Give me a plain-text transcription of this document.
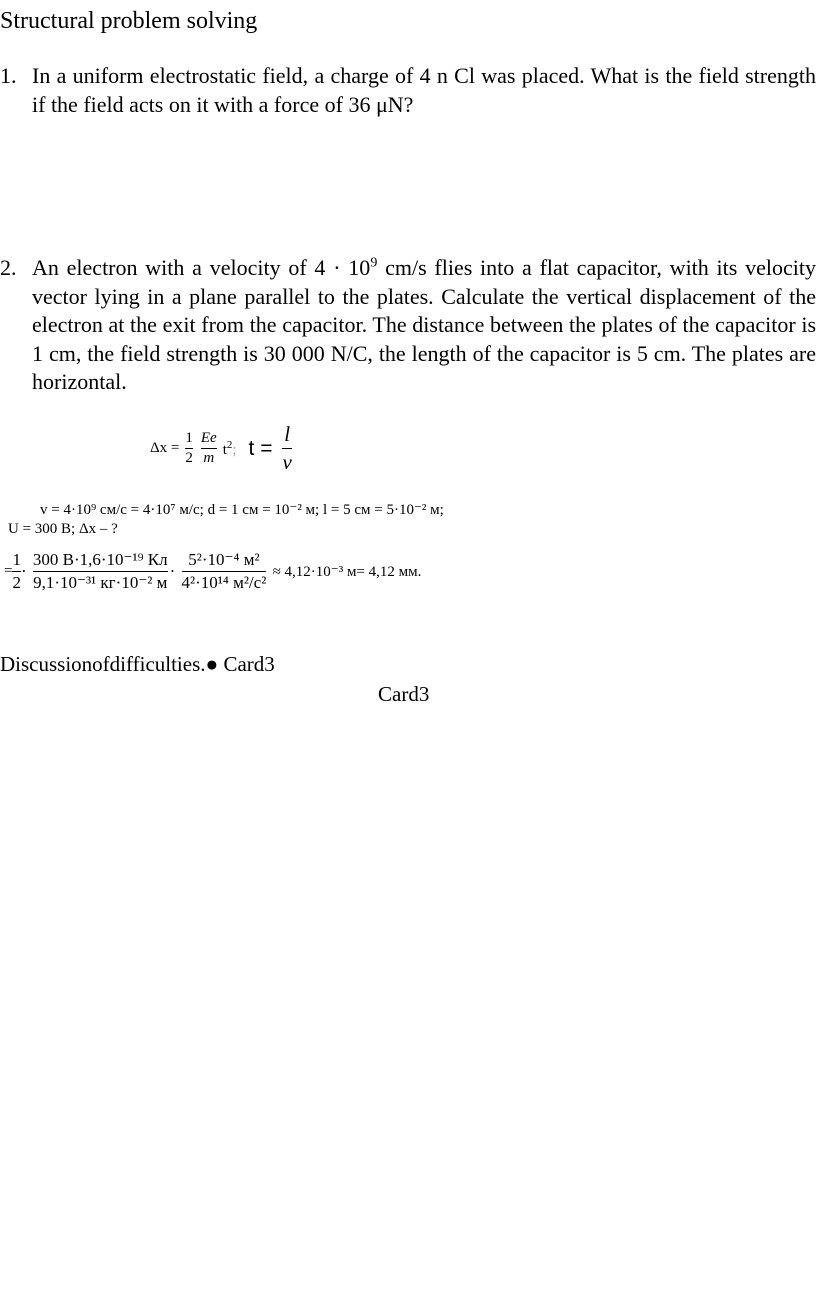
Structural problem solving
1. In a uniform electrostatic field, a charge of 4 n Cl was placed. What is the field strength if the field acts on it with a force of 36 μN?
2. An electron with a velocity of $4 \cdot 10^9$ cm/s flies into a flat capacitor, with its velocity vector lying in a plane parallel to the plates. Calculate the vertical displacement of the electron at the exit from the capacitor. The distance between the plates of the capacitor is 1 cm, the field strength is 30 000 N/C, the length of the capacitor is 5 cm. The plates are horizontal.
$\Delta x = \frac{1}{2}$
$\frac{Ee}{m} t^2$; $t = \frac{l}{v}$
v = 4·10⁹ см/с = 4·10⁷ м/с; d = 1 см = 10⁻² м; l = 5 см = 5·10⁻² м;
U = 300 В; Δx – ?
= $\frac{1}{2} \cdot \frac{\text{300 В·1,6·10⁻¹⁹ Кл}}{\text{9,1·10⁻³¹ кг·10⁻² м}} \cdot \frac{\text{5²·10⁻⁴ м²}}{\text{4²·10¹⁴ м²/с²}} \approx 4,12\cdot 10^{-3}$ м= 4,12 мм.
Discussionofdifficulties.● Card3
Card3
